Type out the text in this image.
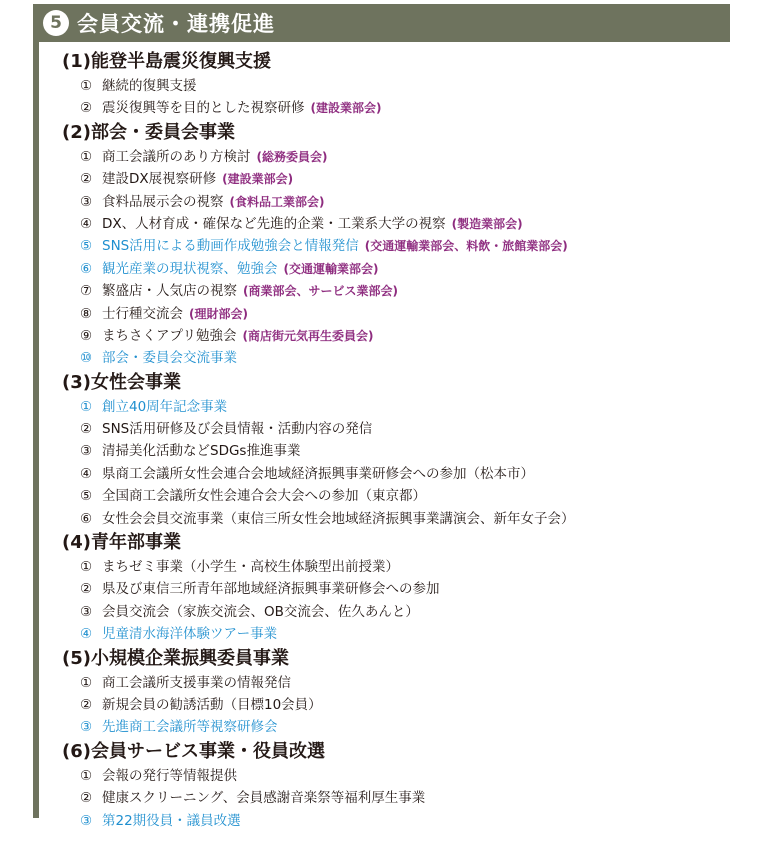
5 会員交流・連携促進
(1)能登半島震災復興支援
① 継続的復興支援
② 震災復興等を目的とした視察研修 (建設業部会)
(2)部会・委員会事業
① 商工会議所のあり方検討 (総務委員会)
② 建設DX展視察研修 (建設業部会)
③ 食料品展示会の視察 (食料品工業部会)
④ DX、人材育成・確保など先進的企業・工業系大学の視察 (製造業部会)
⑤ SNS活用による動画作成勉強会と情報発信 (交通運輸業部会、料飲・旅館業部会)
⑥ 観光産業の現状視察、勉強会 (交通運輸業部会)
⑦ 繁盛店・人気店の視察 (商業部会、サービス業部会)
⑧ 士行種交流会 (理財部会)
⑨ まちさくアプリ勉強会 (商店街元気再生委員会)
⑩ 部会・委員会交流事業
(3)女性会事業
① 創立40周年記念事業
② SNS活用研修及び会員情報・活動内容の発信
③ 清掃美化活動などSDGs推進事業
④ 県商工会議所女性会連合会地域経済振興事業研修会への参加（松本市）
⑤ 全国商工会議所女性会連合会大会への参加（東京都）
⑥ 女性会会員交流事業（東信三所女性会地域経済振興事業講演会、新年女子会）
(4)青年部事業
① まちゼミ事業（小学生・高校生体験型出前授業）
② 県及び東信三所青年部地域経済振興事業研修会への参加
③ 会員交流会（家族交流会、OB交流会、佐久あんと）
④ 児童清水海洋体験ツアー事業
(5)小規模企業振興委員事業
① 商工会議所支援事業の情報発信
② 新規会員の勧誘活動（目標10会員）
③ 先進商工会議所等視察研修会
(6)会員サービス事業・役員改選
① 会報の発行等情報提供
② 健康スクリーニング、会員感謝音楽祭等福利厚生事業
③ 第22期役員・議員改選
